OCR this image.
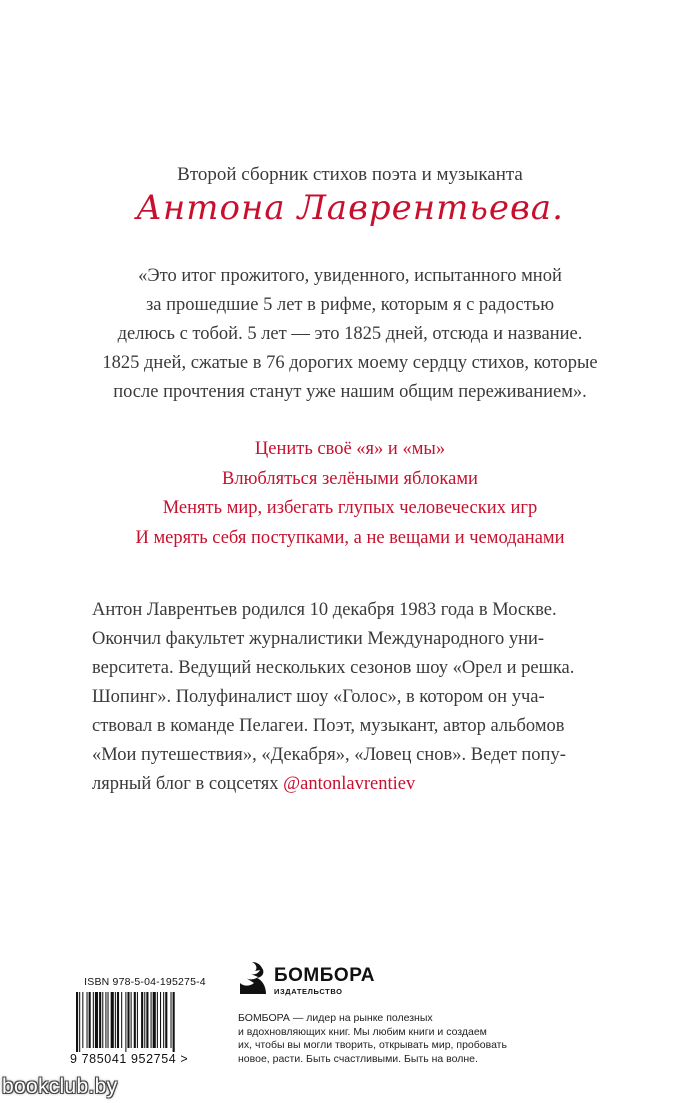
Второй сборник стихов поэта и музыканта
Антона Лаврентьева.
«Это итог прожитого, увиденного, испытанного мной
за прошедшие 5 лет в рифме, которым я с радостью
делюсь с тобой. 5 лет — это 1825 дней, отсюда и название.
1825 дней, сжатые в 76 дорогих моему сердцу стихов, которые
после прочтения станут уже нашим общим переживанием».
Ценить своё «я» и «мы»
Влюбляться зелёными яблоками
Менять мир, избегать глупых человеческих игр
И мерять себя поступками, а не вещами и чемоданами
Антон Лаврентьев родился 10 декабря 1983 года в Москве.
Окончил факультет журналистики Международного уни-
верситета. Ведущий нескольких сезонов шоу «Орел и решка.
Шопинг». Полуфиналист шоу «Голос», в котором он уча-
ствовал в команде Пелагеи. Поэт, музыкант, автор альбомов
«Мои путешествия», «Декабря», «Ловец снов». Ведет попу-
лярный блог в соцсетях @antonlavrentiev
ISBN 978-5-04-195275-4
9 785041 952754 >
БОМБОРА
ИЗДАТЕЛЬСТВО
БОМБОРА — лидер на рынке полезных
и вдохновляющих книг. Мы любим книги и создаем
их, чтобы вы могли творить, открывать мир, пробовать
новое, расти. Быть счастливыми. Быть на волне.
bookclub.by
